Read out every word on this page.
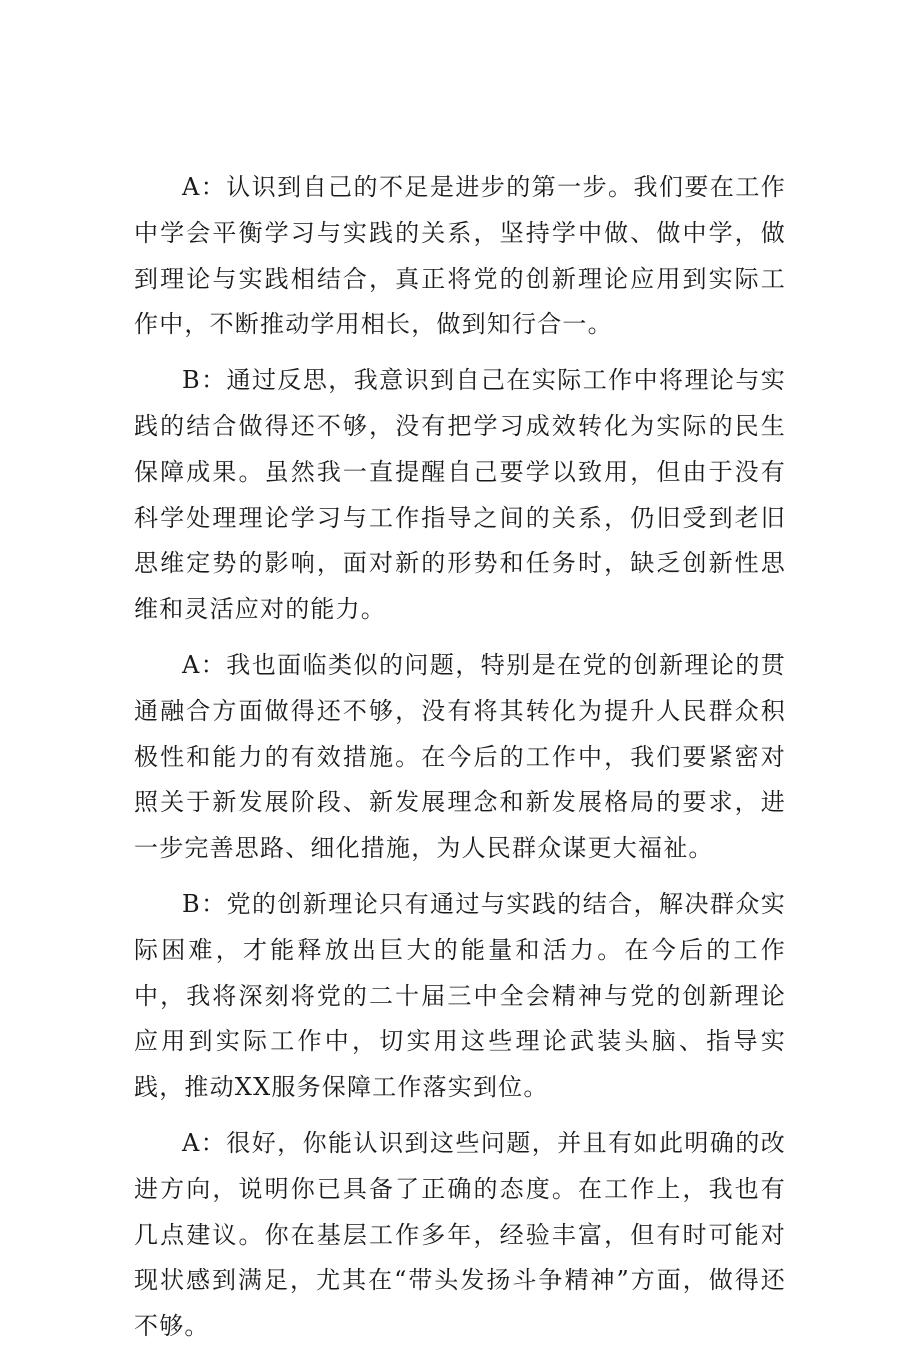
A：认识到自己的不足是进步的第一步。我们要在工作中学会平衡学习与实践的关系，坚持学中做、做中学，做到理论与实践相结合，真正将党的创新理论应用到实际工作中，不断推动学用相长，做到知行合一。

B：通过反思，我意识到自己在实际工作中将理论与实践的结合做得还不够，没有把学习成效转化为实际的民生保障成果。虽然我一直提醒自己要学以致用，但由于没有科学处理理论学习与工作指导之间的关系，仍旧受到老旧思维定势的影响，面对新的形势和任务时，缺乏创新性思维和灵活应对的能力。

A：我也面临类似的问题，特别是在党的创新理论的贯通融合方面做得还不够，没有将其转化为提升人民群众积极性和能力的有效措施。在今后的工作中，我们要紧密对照关于新发展阶段、新发展理念和新发展格局的要求，进一步完善思路、细化措施，为人民群众谋更大福祉。

B：党的创新理论只有通过与实践的结合，解决群众实际困难，才能释放出巨大的能量和活力。在今后的工作中，我将深刻将党的二十届三中全会精神与党的创新理论应用到实际工作中，切实用这些理论武装头脑、指导实践，推动XX服务保障工作落实到位。

A：很好，你能认识到这些问题，并且有如此明确的改进方向，说明你已具备了正确的态度。在工作上，我也有几点建议。你在基层工作多年，经验丰富，但有时可能对现状感到满足，尤其在“带头发扬斗争精神”方面，做得还不够。
